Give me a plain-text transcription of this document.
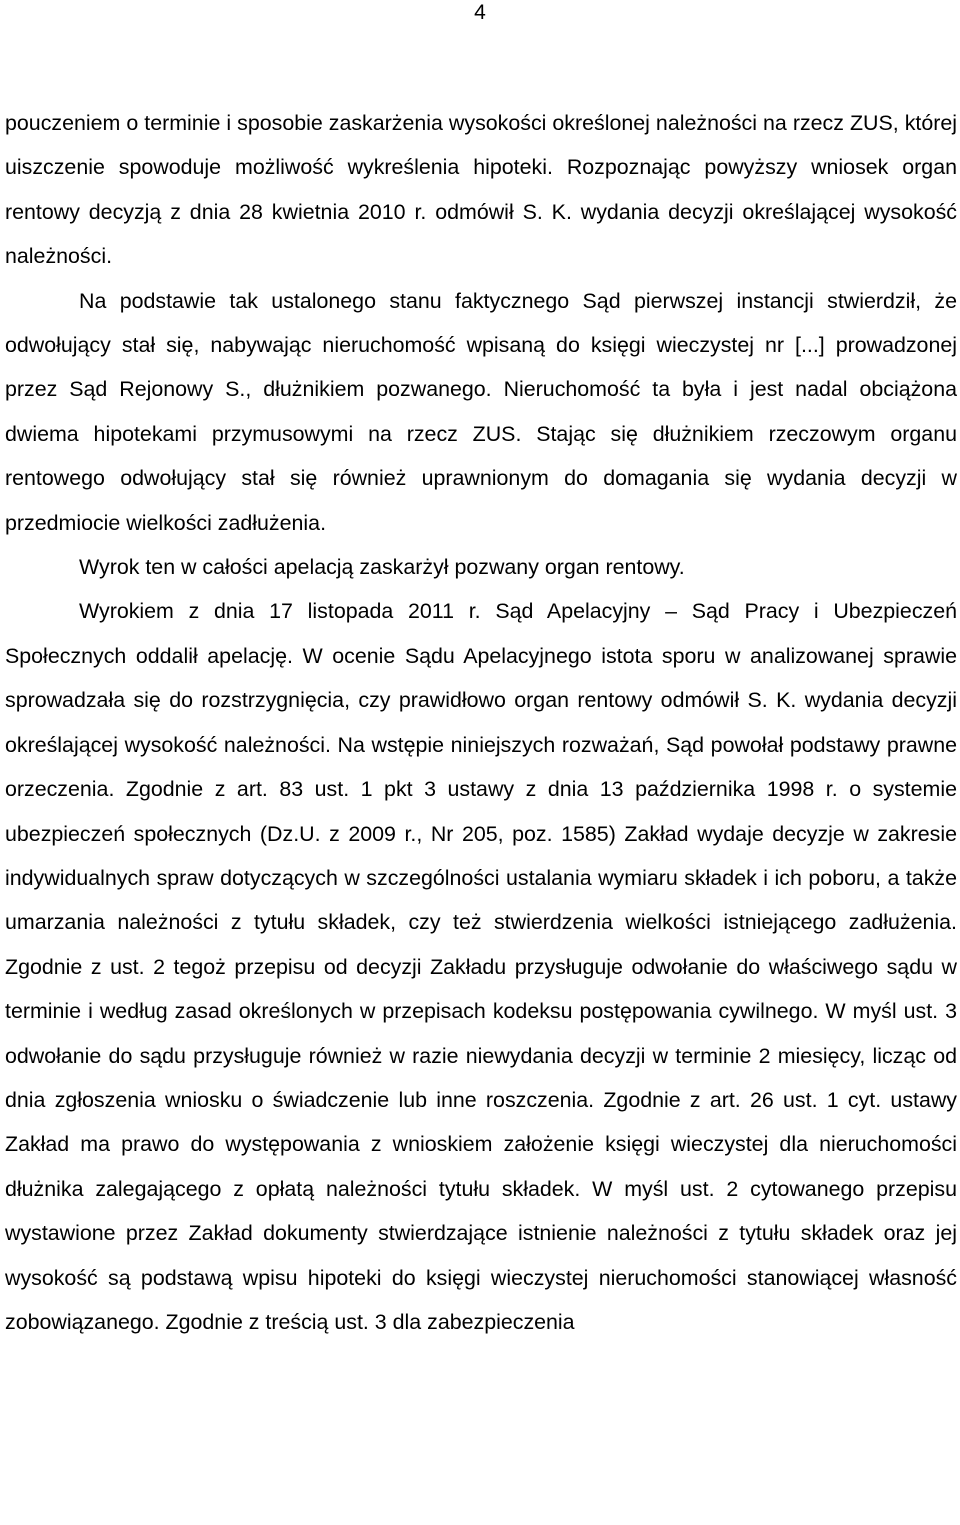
4

pouczeniem o terminie i sposobie zaskarżenia wysokości określonej należności na rzecz ZUS, której uiszczenie spowoduje możliwość wykreślenia hipoteki. Rozpoznając powyższy wniosek organ rentowy decyzją z dnia 28 kwietnia 2010 r. odmówił S. K. wydania decyzji określającej wysokość należności.

Na podstawie tak ustalonego stanu faktycznego Sąd pierwszej instancji stwierdził, że odwołujący stał się, nabywając nieruchomość wpisaną do księgi wieczystej nr [...] prowadzonej przez Sąd Rejonowy S., dłużnikiem pozwanego. Nieruchomość ta była i jest nadal obciążona dwiema hipotekami przymusowymi na rzecz ZUS. Stając się dłużnikiem rzeczowym organu rentowego odwołujący stał się również uprawnionym do domagania się wydania decyzji w przedmiocie wielkości zadłużenia.

Wyrok ten w całości apelacją zaskarżył pozwany organ rentowy.

Wyrokiem z dnia 17 listopada 2011 r. Sąd Apelacyjny – Sąd Pracy i Ubezpieczeń Społecznych oddalił apelację. W ocenie Sądu Apelacyjnego istota sporu w analizowanej sprawie sprowadzała się do rozstrzygnięcia, czy prawidłowo organ rentowy odmówił S. K. wydania decyzji określającej wysokość należności. Na wstępie niniejszych rozważań, Sąd powołał podstawy prawne orzeczenia. Zgodnie z art. 83 ust. 1 pkt 3 ustawy z dnia 13 października 1998 r. o systemie ubezpieczeń społecznych (Dz.U. z 2009 r., Nr 205, poz. 1585) Zakład wydaje decyzje w zakresie indywidualnych spraw dotyczących w szczególności ustalania wymiaru składek i ich poboru, a także umarzania należności z tytułu składek, czy też stwierdzenia wielkości istniejącego zadłużenia. Zgodnie z ust. 2 tegoż przepisu od decyzji Zakładu przysługuje odwołanie do właściwego sądu w terminie i według zasad określonych w przepisach kodeksu postępowania cywilnego. W myśl ust. 3 odwołanie do sądu przysługuje również w razie niewydania decyzji w terminie 2 miesięcy, licząc od dnia zgłoszenia wniosku o świadczenie lub inne roszczenia. Zgodnie z art. 26 ust. 1 cyt. ustawy Zakład ma prawo do występowania z wnioskiem założenie księgi wieczystej dla nieruchomości dłużnika zalegającego z opłatą należności tytułu składek. W myśl ust. 2 cytowanego przepisu wystawione przez Zakład dokumenty stwierdzające istnienie należności z tytułu składek oraz jej wysokość są podstawą wpisu hipoteki do księgi wieczystej nieruchomości stanowiącej własność zobowiązanego. Zgodnie z treścią ust. 3 dla zabezpieczenia
